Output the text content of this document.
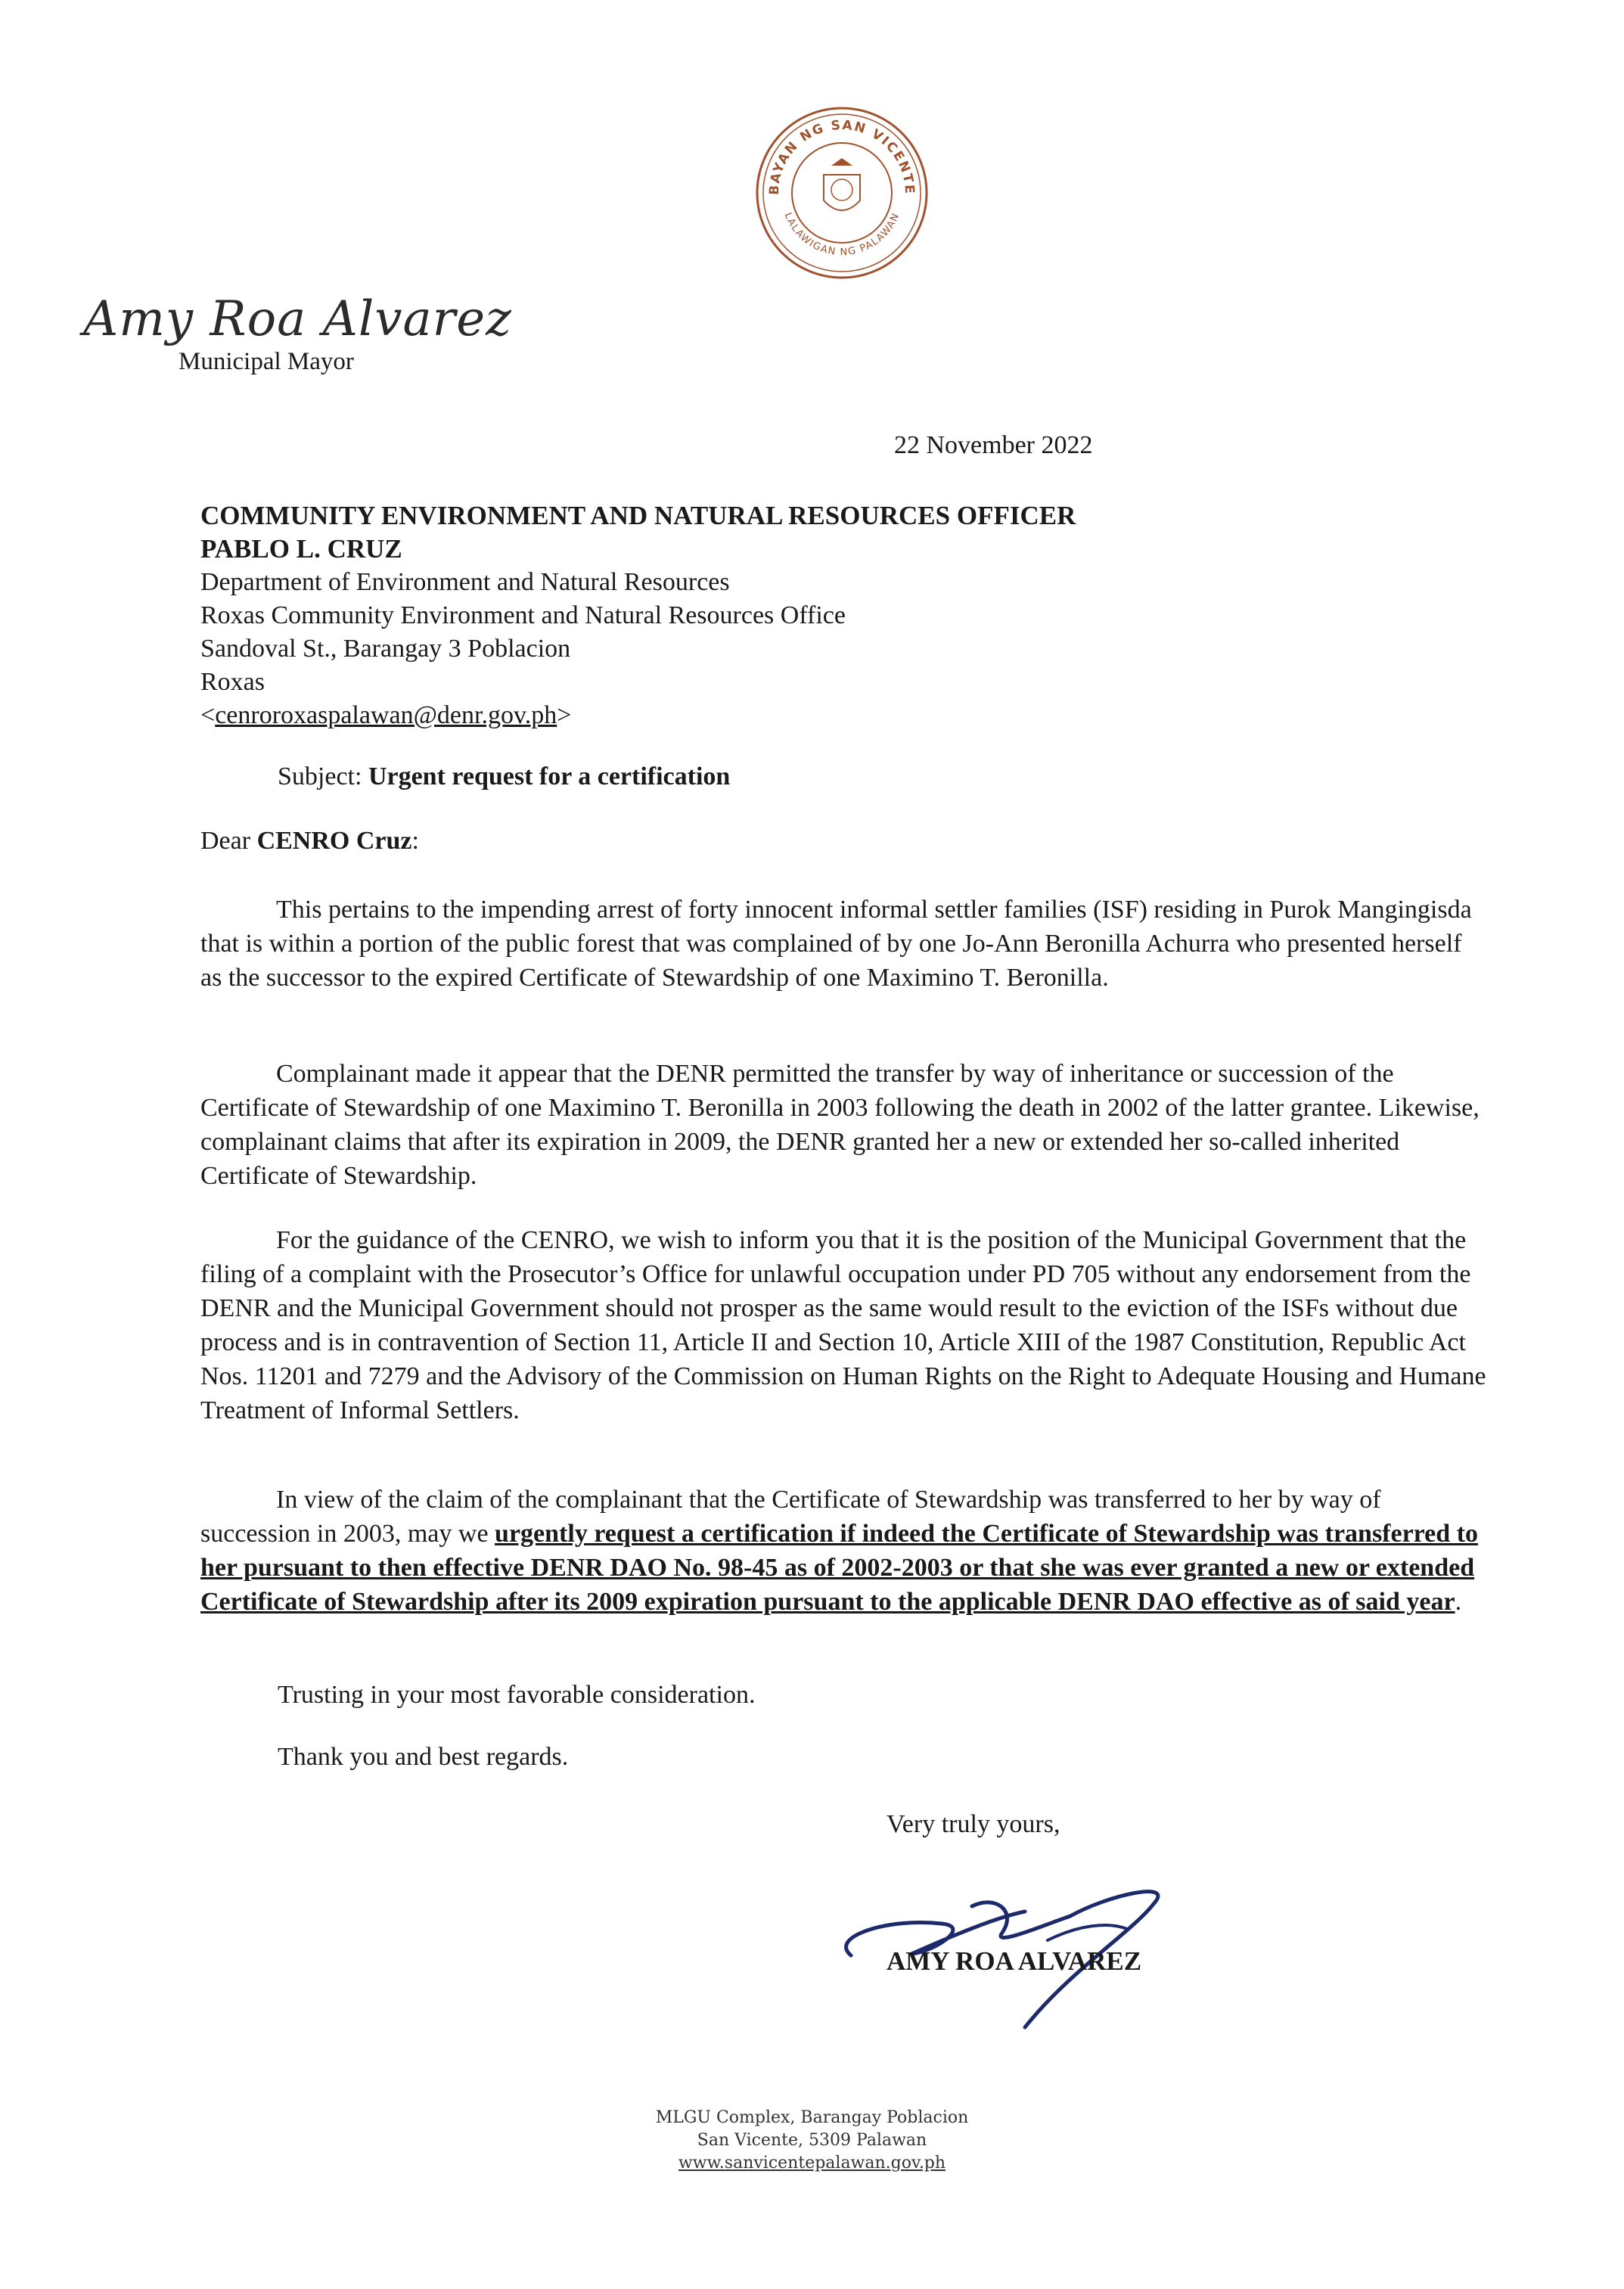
BAYAN NG SAN VICENTE
LALAWIGAN NG PALAWAN
Amy Roa Alvarez
Municipal Mayor
22 November 2022
COMMUNITY ENVIRONMENT AND NATURAL RESOURCES OFFICER
PABLO L. CRUZ
Department of Environment and Natural Resources
Roxas Community Environment and Natural Resources Office
Sandoval St., Barangay 3 Poblacion
Roxas
<cenroroxaspalawan@denr.gov.ph>
Subject: Urgent request for a certification
Dear CENRO Cruz:
This pertains to the impending arrest of forty innocent informal settler families (ISF) residing in Purok Mangingisda that is within a portion of the public forest that was complained of by one Jo-Ann Beronilla Achurra who presented herself as the successor to the expired Certificate of Stewardship of one Maximino T. Beronilla.
Complainant made it appear that the DENR permitted the transfer by way of inheritance or succession of the Certificate of Stewardship of one Maximino T. Beronilla in 2003 following the death in 2002 of the latter grantee. Likewise, complainant claims that after its expiration in 2009, the DENR granted her a new or extended her so-called inherited Certificate of Stewardship.
For the guidance of the CENRO, we wish to inform you that it is the position of the Municipal Government that the filing of a complaint with the Prosecutor’s Office for unlawful occupation under PD 705 without any endorsement from the DENR and the Municipal Government should not prosper as the same would result to the eviction of the ISFs without due process and is in contravention of Section 11, Article II and Section 10, Article XIII of the 1987 Constitution, Republic Act Nos. 11201 and 7279 and the Advisory of the Commission on Human Rights on the Right to Adequate Housing and Humane Treatment of Informal Settlers.
In view of the claim of the complainant that the Certificate of Stewardship was transferred to her by way of succession in 2003, may we urgently request a certification if indeed the Certificate of Stewardship was transferred to her pursuant to then effective DENR DAO No. 98-45 as of 2002-2003 or that she was ever granted a new or extended Certificate of Stewardship after its 2009 expiration pursuant to the applicable DENR DAO effective as of said year.
Trusting in your most favorable consideration.
Thank you and best regards.
Very truly yours,
AMY ROA ALVAREZ
MLGU Complex, Barangay Poblacion
San Vicente, 5309 Palawan
www.sanvicentepalawan.gov.ph
